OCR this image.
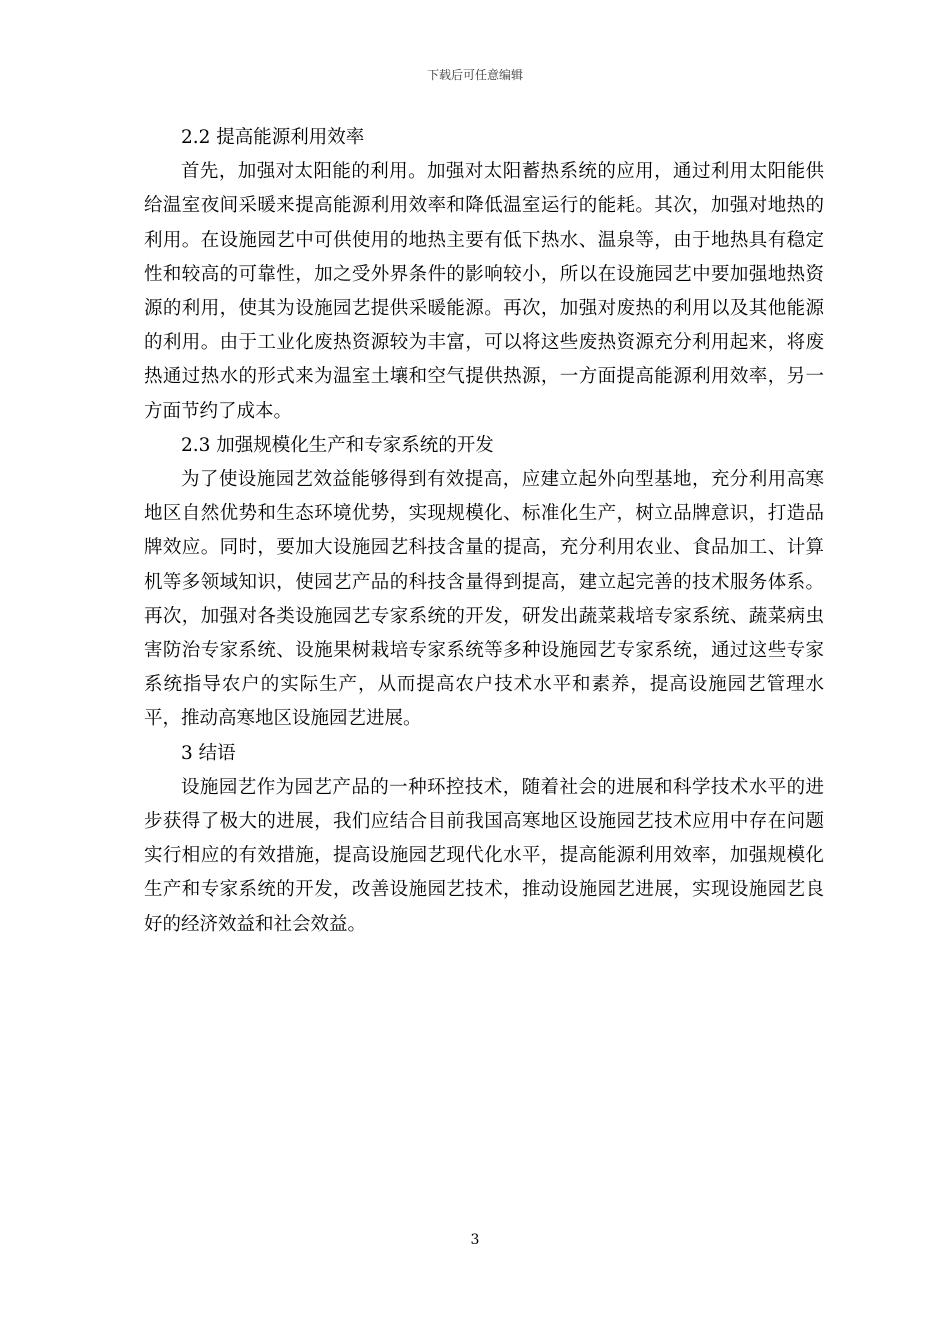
下载后可任意编辑

2.2 提高能源利用效率

首先，加强对太阳能的利用。加强对太阳蓄热系统的应用，通过利用太阳能供给温室夜间采暖来提高能源利用效率和降低温室运行的能耗。其次，加强对地热的利用。在设施园艺中可供使用的地热主要有低下热水、温泉等，由于地热具有稳定性和较高的可靠性，加之受外界条件的影响较小，所以在设施园艺中要加强地热资源的利用，使其为设施园艺提供采暖能源。再次，加强对废热的利用以及其他能源的利用。由于工业化废热资源较为丰富，可以将这些废热资源充分利用起来，将废热通过热水的形式来为温室土壤和空气提供热源，一方面提高能源利用效率，另一方面节约了成本。

2.3 加强规模化生产和专家系统的开发

为了使设施园艺效益能够得到有效提高，应建立起外向型基地，充分利用高寒地区自然优势和生态环境优势，实现规模化、标准化生产，树立品牌意识，打造品牌效应。同时，要加大设施园艺科技含量的提高，充分利用农业、食品加工、计算机等多领域知识，使园艺产品的科技含量得到提高，建立起完善的技术服务体系。再次，加强对各类设施园艺专家系统的开发，研发出蔬菜栽培专家系统、蔬菜病虫害防治专家系统、设施果树栽培专家系统等多种设施园艺专家系统，通过这些专家系统指导农户的实际生产，从而提高农户技术水平和素养，提高设施园艺管理水平，推动高寒地区设施园艺进展。

3 结语

设施园艺作为园艺产品的一种环控技术，随着社会的进展和科学技术水平的进步获得了极大的进展，我们应结合目前我国高寒地区设施园艺技术应用中存在问题实行相应的有效措施，提高设施园艺现代化水平，提高能源利用效率，加强规模化生产和专家系统的开发，改善设施园艺技术，推动设施园艺进展，实现设施园艺良好的经济效益和社会效益。

3
